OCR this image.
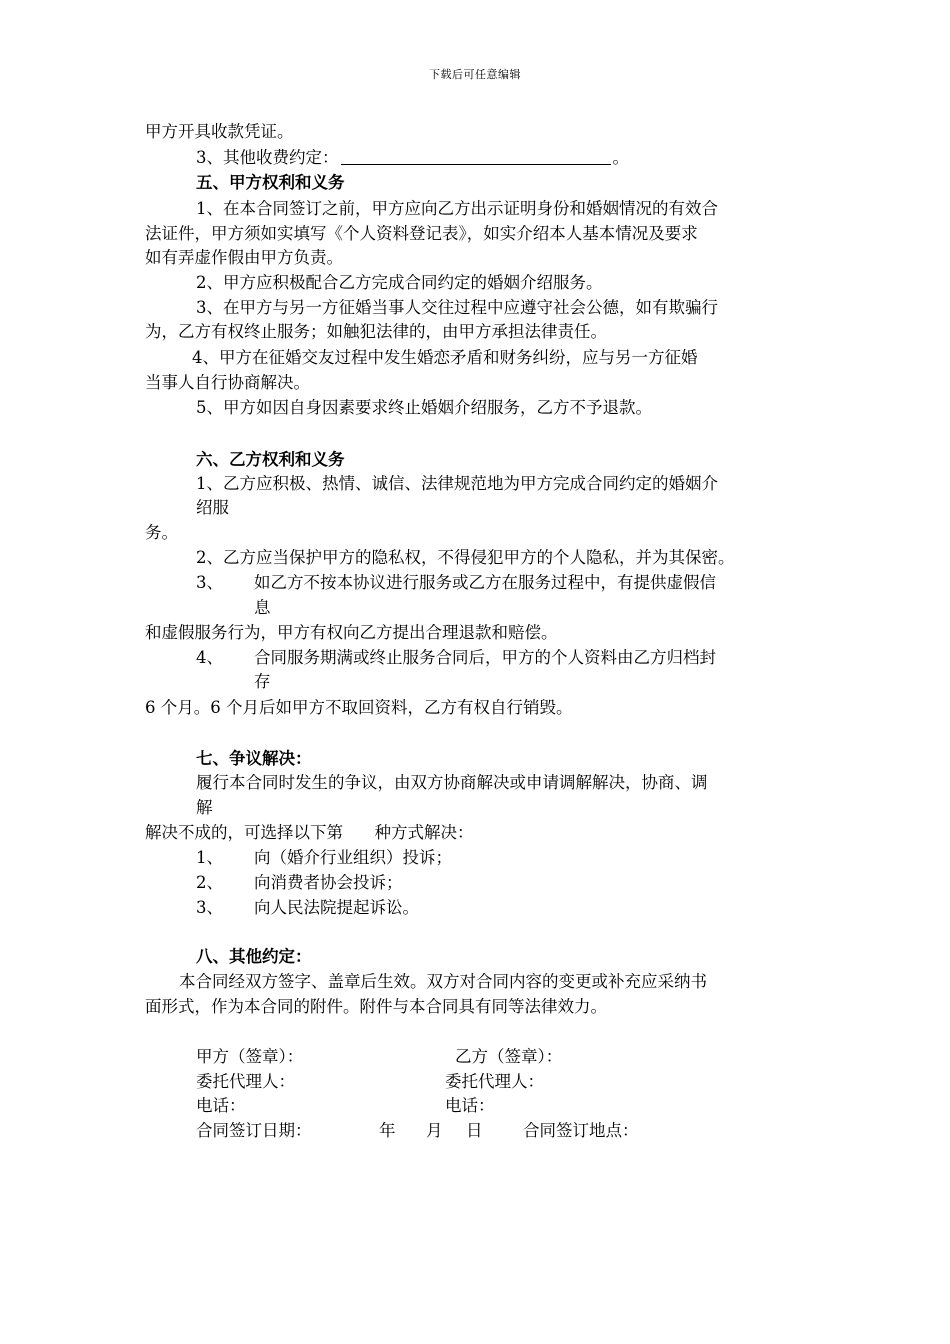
下载后可任意编辑
甲方开具收款凭证。
3、其他收费约定：	。
五、甲方权利和义务
1、在本合同签订之前，甲方应向乙方出示证明身份和婚姻情况的有效合
法证件，甲方须如实填写《个人资料登记表》，如实介绍本人基本情况及要求
如有弄虚作假由甲方负责。
2、甲方应积极配合乙方完成合同约定的婚姻介绍服务。
3、在甲方与另一方征婚当事人交往过程中应遵守社会公德，如有欺骗行
为，乙方有权终止服务；如触犯法律的，由甲方承担法律责任。
4、甲方在征婚交友过程中发生婚恋矛盾和财务纠纷，应与另一方征婚
当事人自行协商解决。
5、甲方如因自身因素要求终止婚姻介绍服务，乙方不予退款。
六、乙方权利和义务
1、乙方应积极、热情、诚信、法律规范地为甲方完成合同约定的婚姻介
绍服
务。
2、乙方应当保护甲方的隐私权，不得侵犯甲方的个人隐私，并为其保密。
3、 如乙方不按本协议进行服务或乙方在服务过程中，有提供虚假信
息
和虚假服务行为，甲方有权向乙方提出合理退款和赔偿。
4、 合同服务期满或终止服务合同后，甲方的个人资料由乙方归档封
存
6 个月。6 个月后如甲方不取回资料，乙方有权自行销毁。
七、争议解决：
履行本合同时发生的争议，由双方协商解决或申请调解解决，协商、调
解
解决不成的，可选择以下第      种方式解决：
1、 向（婚介行业组织）投诉；
2、 向消费者协会投诉；
3、 向人民法院提起诉讼。
八、其他约定：
本合同经双方签字、盖章后生效。双方对合同内容的变更或补充应采纳书
面形式，作为本合同的附件。附件与本合同具有同等法律效力。
甲方（签章）：	乙方（签章）：
委托代理人：	委托代理人：
电话：	电话：
合同签订日期：	年 月 日 合同签订地点：
